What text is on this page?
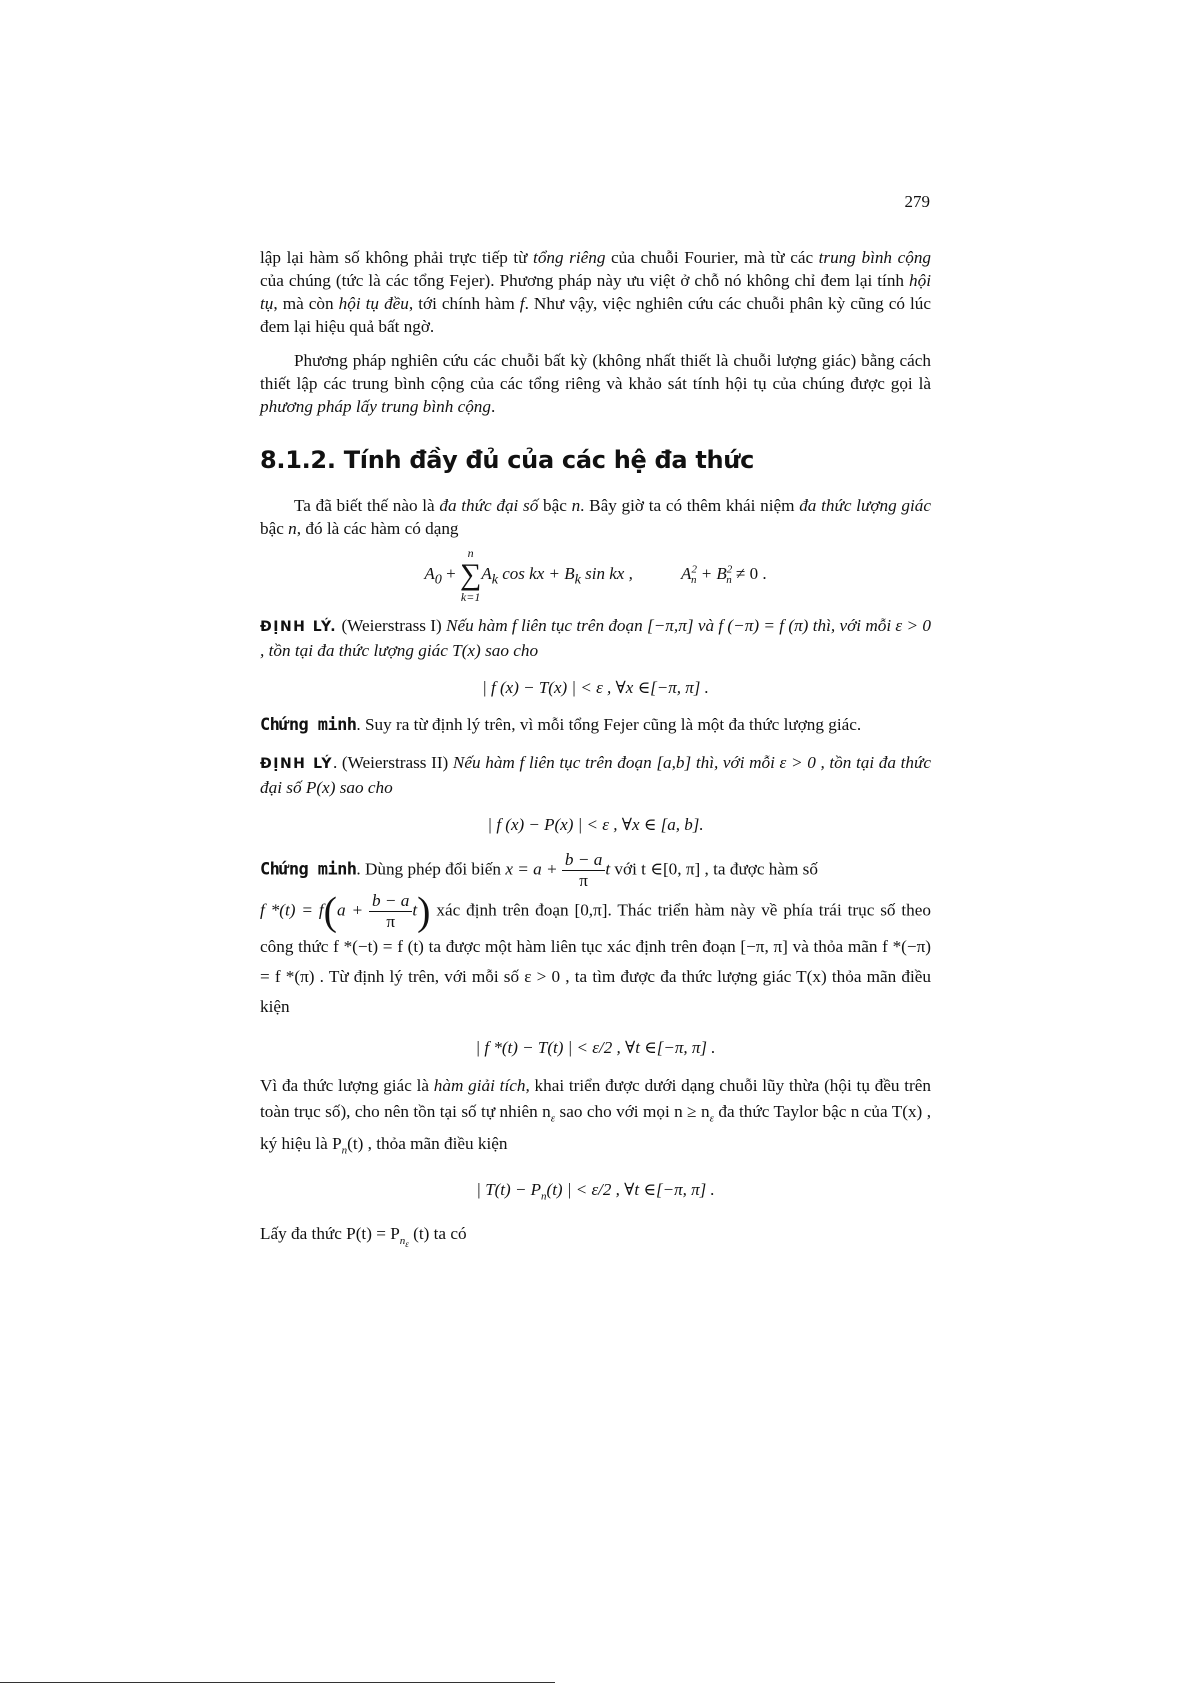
279

lập lại hàm số không phải trực tiếp từ tổng riêng của chuỗi Fourier, mà từ các trung bình cộng của chúng (tức là các tổng Fejer). Phương pháp này ưu việt ở chỗ nó không chỉ đem lại tính hội tụ, mà còn hội tụ đều, tới chính hàm f. Như vậy, việc nghiên cứu các chuỗi phân kỳ cũng có lúc đem lại hiệu quả bất ngờ.

Phương pháp nghiên cứu các chuỗi bất kỳ (không nhất thiết là chuỗi lượng giác) bằng cách thiết lập các trung bình cộng của các tổng riêng và khảo sát tính hội tụ của chúng được gọi là phương pháp lấy trung bình cộng.

8.1.2. Tính đầy đủ của các hệ đa thức

Ta đã biết thế nào là đa thức đại số bậc n. Bây giờ ta có thêm khái niệm đa thức lượng giác bậc n, đó là các hàm có dạng

$A_0$ +
n
∑
k=1
$A_k$ cos kx + $B_k$ sin kx ,	$A^2_n + B^2_n \ne 0$ .

ĐỊNH LÝ. (Weierstrass I) Nếu hàm f liên tục trên đoạn [−π,π] và f (−π) = f (π) thì, với mỗi ε > 0 , tồn tại đa thức lượng giác T(x) sao cho

| f (x) − T(x) | < ε , ∀x ∈[−π, π] .

Chứng minh. Suy ra từ định lý trên, vì mỗi tổng Fejer cũng là một đa thức lượng giác.

ĐỊNH LÝ. (Weierstrass II) Nếu hàm f liên tục trên đoạn [a,b] thì, với mỗi ε > 0 , tồn tại đa thức đại số P(x) sao cho

| f (x) − P(x) | < ε , ∀x ∈ [a, b].

Chứng minh. Dùng phép đổi biến $x = a + \frac{b - a}{\pi}$ t với t ∈[0, π] , ta được hàm số
f $*(t) = f(a + \frac{b - a}{\pi} t)$ xác định trên đoạn [0,π]. Thác triển hàm này về phía trái trục số theo công thức f *(−t) = f (t) ta được một hàm liên tục xác định trên đoạn [−π, π] và thỏa mãn f *(−π) = f *(π) . Từ định lý trên, với mỗi số ε > 0 , ta tìm được đa thức lượng giác T(x) thỏa mãn điều kiện

| f *(t) − T(t) | < ε/2 , ∀t ∈[−π, π] .

Vì đa thức lượng giác là hàm giải tích, khai triển được dưới dạng chuỗi lũy thừa (hội tụ đều trên toàn trục số), cho nên tồn tại số tự nhiên $n_\varepsilon$ sao cho với mọi $n \ge n_\varepsilon$ đa thức Taylor bậc n của T(x) , ký hiệu là $P_n(t)$ , thỏa mãn điều kiện

| $T(t) - P_n(t)$ | < ε/2 , ∀t ∈[−π, π] .

Lấy đa thức $P(t) = P_{n_\varepsilon}$ (t) ta có
